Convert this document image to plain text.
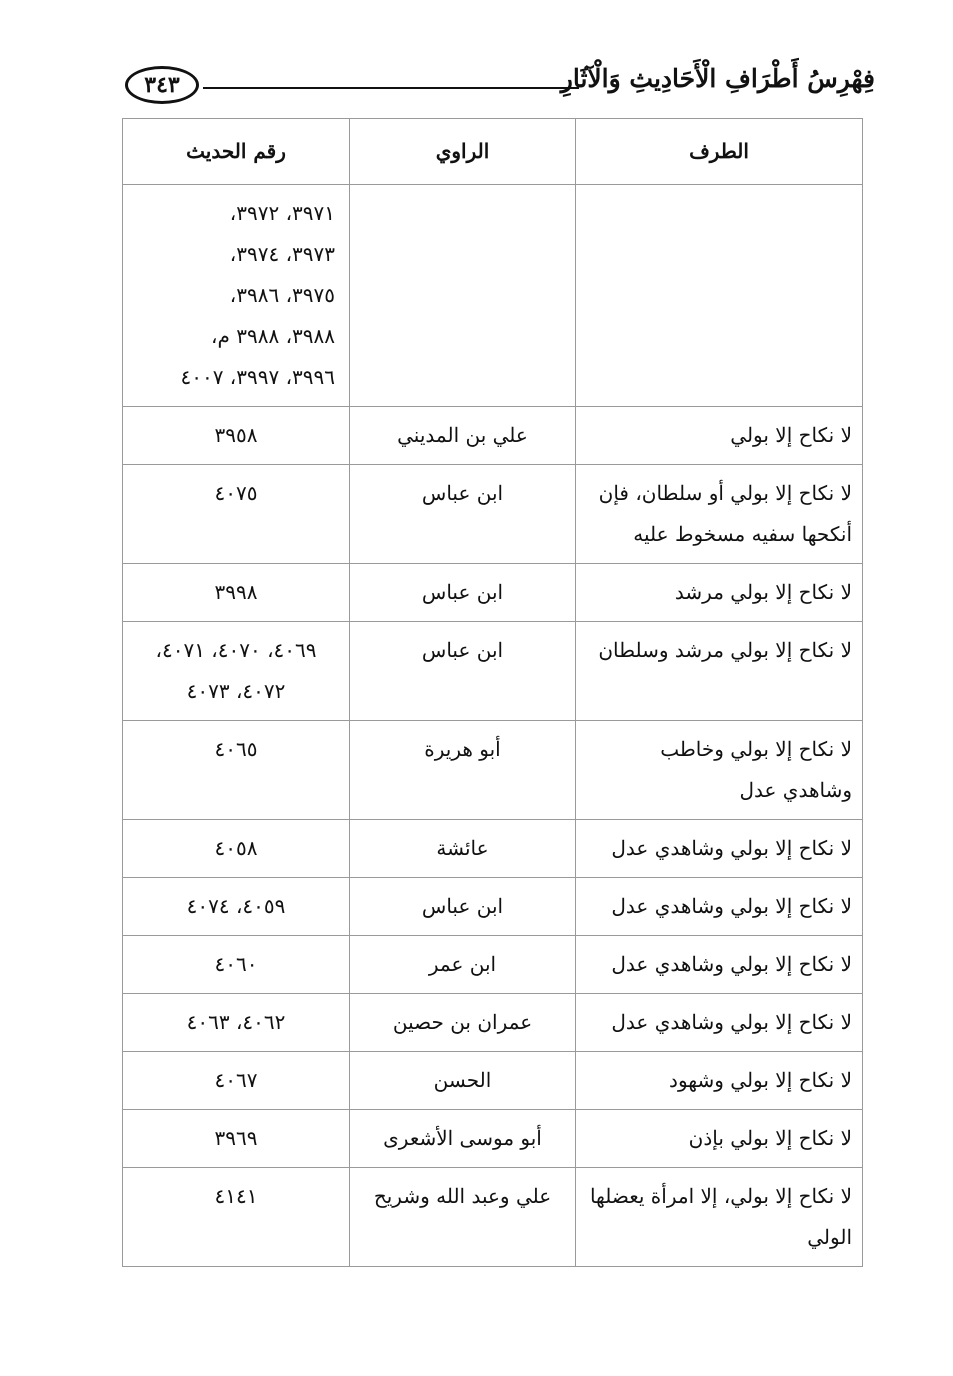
فِهْرِسُ أَطْرَافِ الْأَحَادِيثِ وَالْآثَارِ
٣٤٣
الطرف	الراوي	رقم الحديث

		٣٩٧١، ٣٩٧٢،
٣٩٧٣، ٣٩٧٤،
٣٩٧٥، ٣٩٨٦،
٣٩٨٨، ٣٩٨٨ م،
٣٩٩٦، ٣٩٩٧، ٤٠٠٧

لا نكاح إلا بولي	علي بن المديني	٣٩٥٨
لا نكاح إلا بولي أو سلطان، فإن أنكحها سفيه مسخوط عليه	ابن عباس	٤٠٧٥
لا نكاح إلا بولي مرشد	ابن عباس	٣٩٩٨
لا نكاح إلا بولي مرشد وسلطان	ابن عباس	٤٠٦٩، ٤٠٧٠، ٤٠٧١، ٤٠٧٢، ٤٠٧٣
لا نكاح إلا بولي وخاطب وشاهدي عدل	أبو هريرة	٤٠٦٥
لا نكاح إلا بولي وشاهدي عدل	عائشة	٤٠٥٨
لا نكاح إلا بولي وشاهدي عدل	ابن عباس	٤٠٥٩، ٤٠٧٤
لا نكاح إلا بولي وشاهدي عدل	ابن عمر	٤٠٦٠
لا نكاح إلا بولي وشاهدي عدل	عمران بن حصين	٤٠٦٢، ٤٠٦٣
لا نكاح إلا بولي وشهود	الحسن	٤٠٦٧
لا نكاح إلا بولي بإذن	أبو موسى الأشعرى	٣٩٦٩
لا نكاح إلا بولي، إلا امرأة يعضلها الولي	علي وعبد الله وشريح	٤١٤١
